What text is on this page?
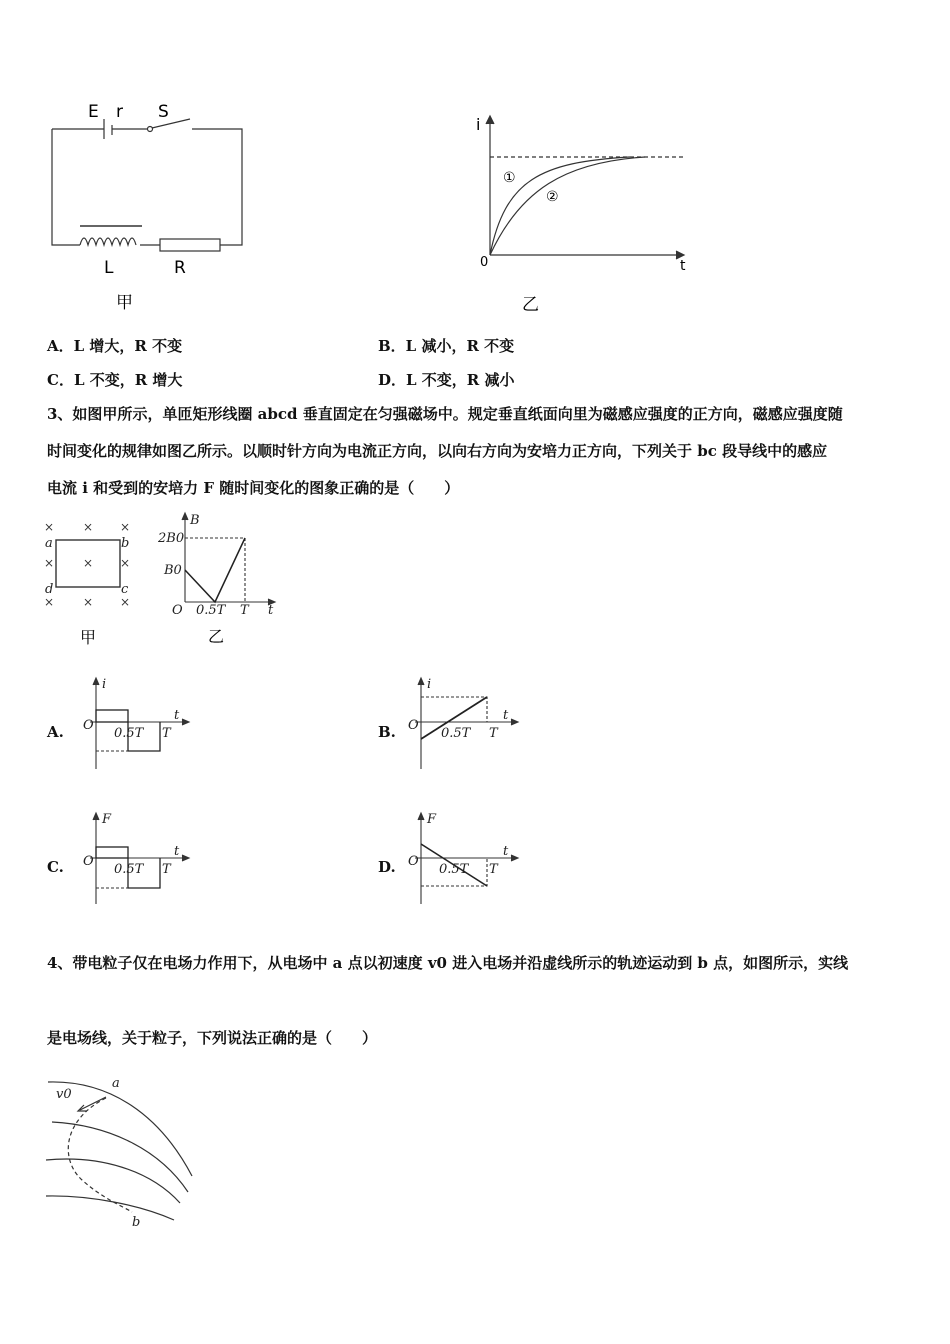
E r S
L	R
甲
i
t
0
①
②
乙
A．L 增大，R 不变	B．L 减小，R 不变
C．L 不变，R 增大	D．L 不变，R 减小
3、如图甲所示，单匝矩形线圈 abcd 垂直固定在匀强磁场中。规定垂直纸面向里为磁感应强度的正方向，磁感应强度随
时间变化的规律如图乙所示。以顺时针方向为电流正方向，以向右方向为安培力正方向，下列关于 bc 段导线中的感应
电流 i 和受到的安培力 F 随时间变化的图象正确的是（　　）
× × ×
× × ×
× × ×
a	b
c
d
甲
B
2B0
B0
O 0.5T T t
乙
A.
i
O
0.5T T
t
B.
i
O
0.5T T
t
C.
F
O
0.5T T
t
D.
F
O
0.5T T
t
4、带电粒子仅在电场力作用下，从电场中 a 点以初速度 v0 进入电场并沿虚线所示的轨迹运动到 b 点，如图所示，实线
是电场线，关于粒子，下列说法正确的是（　　）
a
v0
b
